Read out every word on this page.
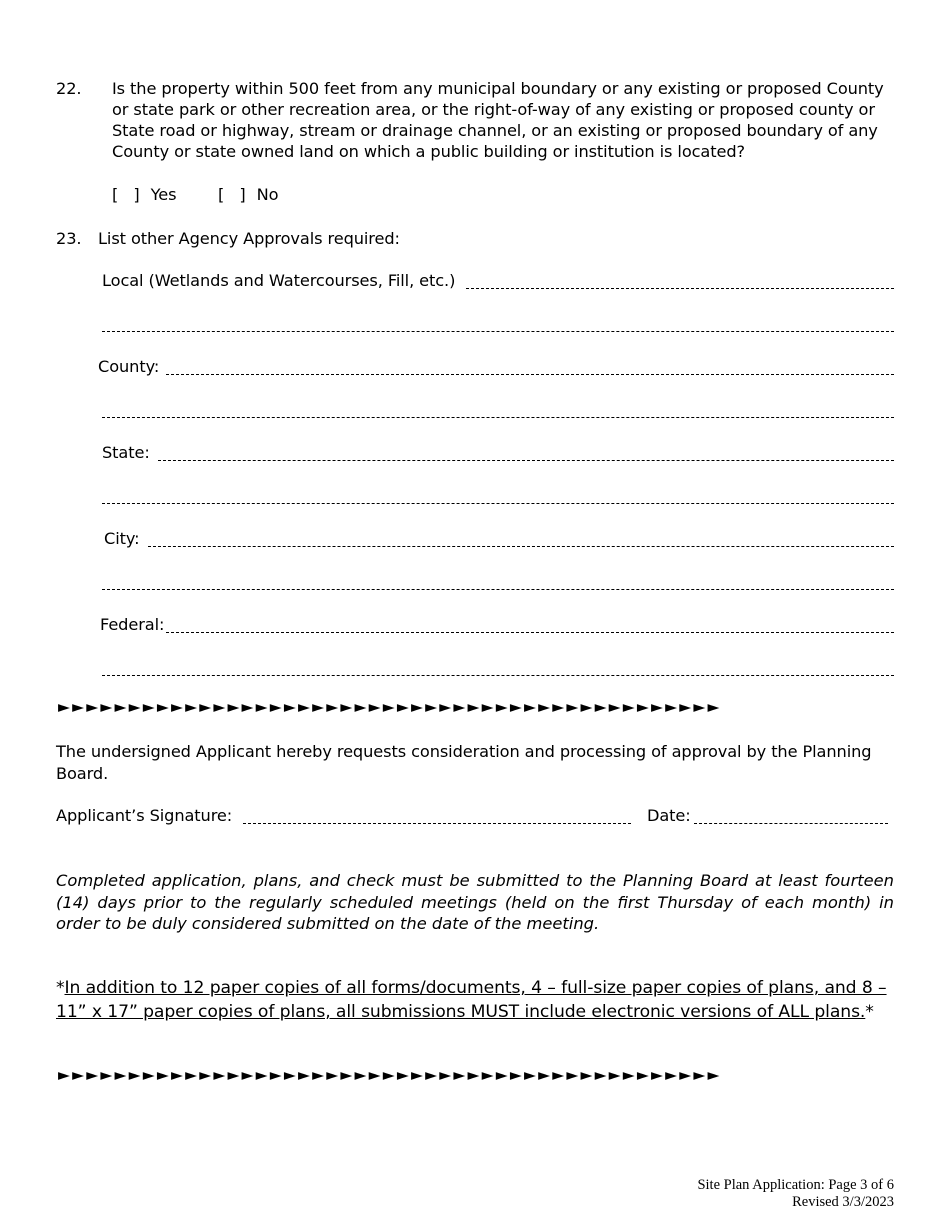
22. Is the property within 500 feet from any municipal boundary or any existing or proposed County
or state park or other recreation area, or the right-of-way of any existing or proposed county or
State road or highway, stream or drainage channel, or an existing or proposed boundary of any
County or state owned land on which a public building or institution is located?
[   ] Yes	[   ] No
23. List other Agency Approvals required:
Local (Wetlands and Watercourses, Fill, etc.)
County:
State:
City:
Federal:
►►►►►►►►►►►►►►►►►►►►►►►►►►►►►►►►►►►►►►►►►►►►►►►
The undersigned Applicant hereby requests consideration and processing of approval by the Planning
Board.
Applicant’s Signature:	Date:
Completed application, plans, and check must be submitted to the Planning Board at least fourteen (14) days prior to the regularly scheduled meetings (held on the first Thursday of each month) in order to be duly considered submitted on the date of the meeting.
*In addition to 12 paper copies of all forms/documents, 4 – full-size paper copies of plans, and 8 –
11” x 17” paper copies of plans, all submissions MUST include electronic versions of ALL plans.*
►►►►►►►►►►►►►►►►►►►►►►►►►►►►►►►►►►►►►►►►►►►►►►►
Site Plan Application: Page 3 of 6
Revised 3/3/2023
